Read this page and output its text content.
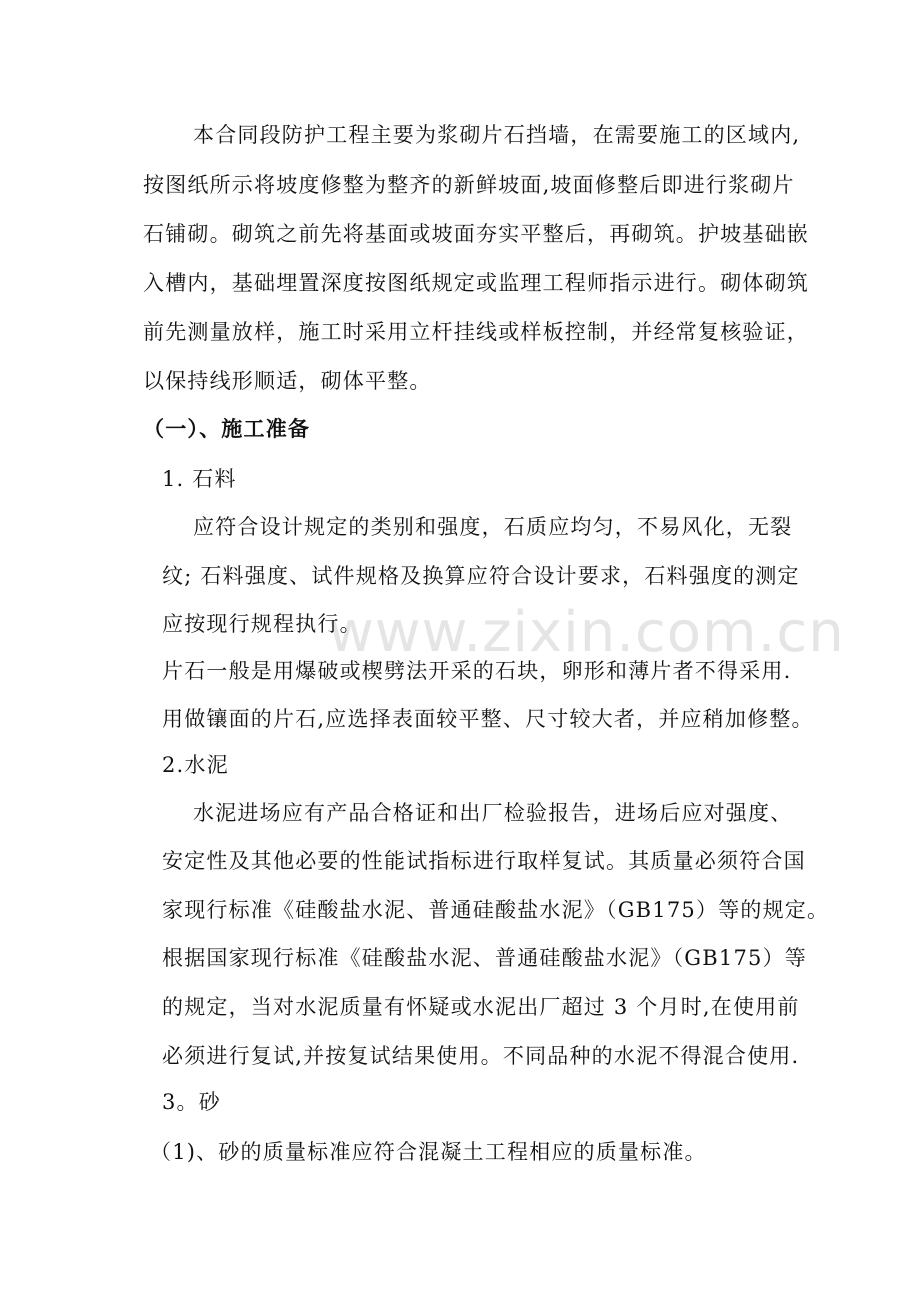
www.zixin.com.cn
本合同段防护工程主要为浆砌片石挡墙，在需要施工的区域内,
按图纸所示将坡度修整为整齐的新鲜坡面,坡面修整后即进行浆砌片
石铺砌。砌筑之前先将基面或坡面夯实平整后，再砌筑。护坡基础嵌
入槽内，基础埋置深度按图纸规定或监理工程师指示进行。砌体砌筑
前先测量放样，施工时采用立杆挂线或样板控制，并经常复核验证，
以保持线形顺适，砌体平整。
（一）、施工准备
1. 石料
应符合设计规定的类别和强度，石质应均匀，不易风化，无裂
纹; 石料强度、试件规格及换算应符合设计要求，石料强度的测定
应按现行规程执行。
片石一般是用爆破或楔劈法开采的石块，卵形和薄片者不得采用.
用做镶面的片石,应选择表面较平整、尺寸较大者，并应稍加修整。
2.水泥
水泥进场应有产品合格证和出厂检验报告，进场后应对强度、
安定性及其他必要的性能试指标进行取样复试。其质量必须符合国
家现行标准《硅酸盐水泥、普通硅酸盐水泥》（GB175）等的规定。
根据国家现行标准《硅酸盐水泥、普通硅酸盐水泥》（GB175）等
的规定，当对水泥质量有怀疑或水泥出厂超过 3 个月时,在使用前
必须进行复试,并按复试结果使用。不同品种的水泥不得混合使用.
3。砂
（1)、砂的质量标准应符合混凝土工程相应的质量标准。
